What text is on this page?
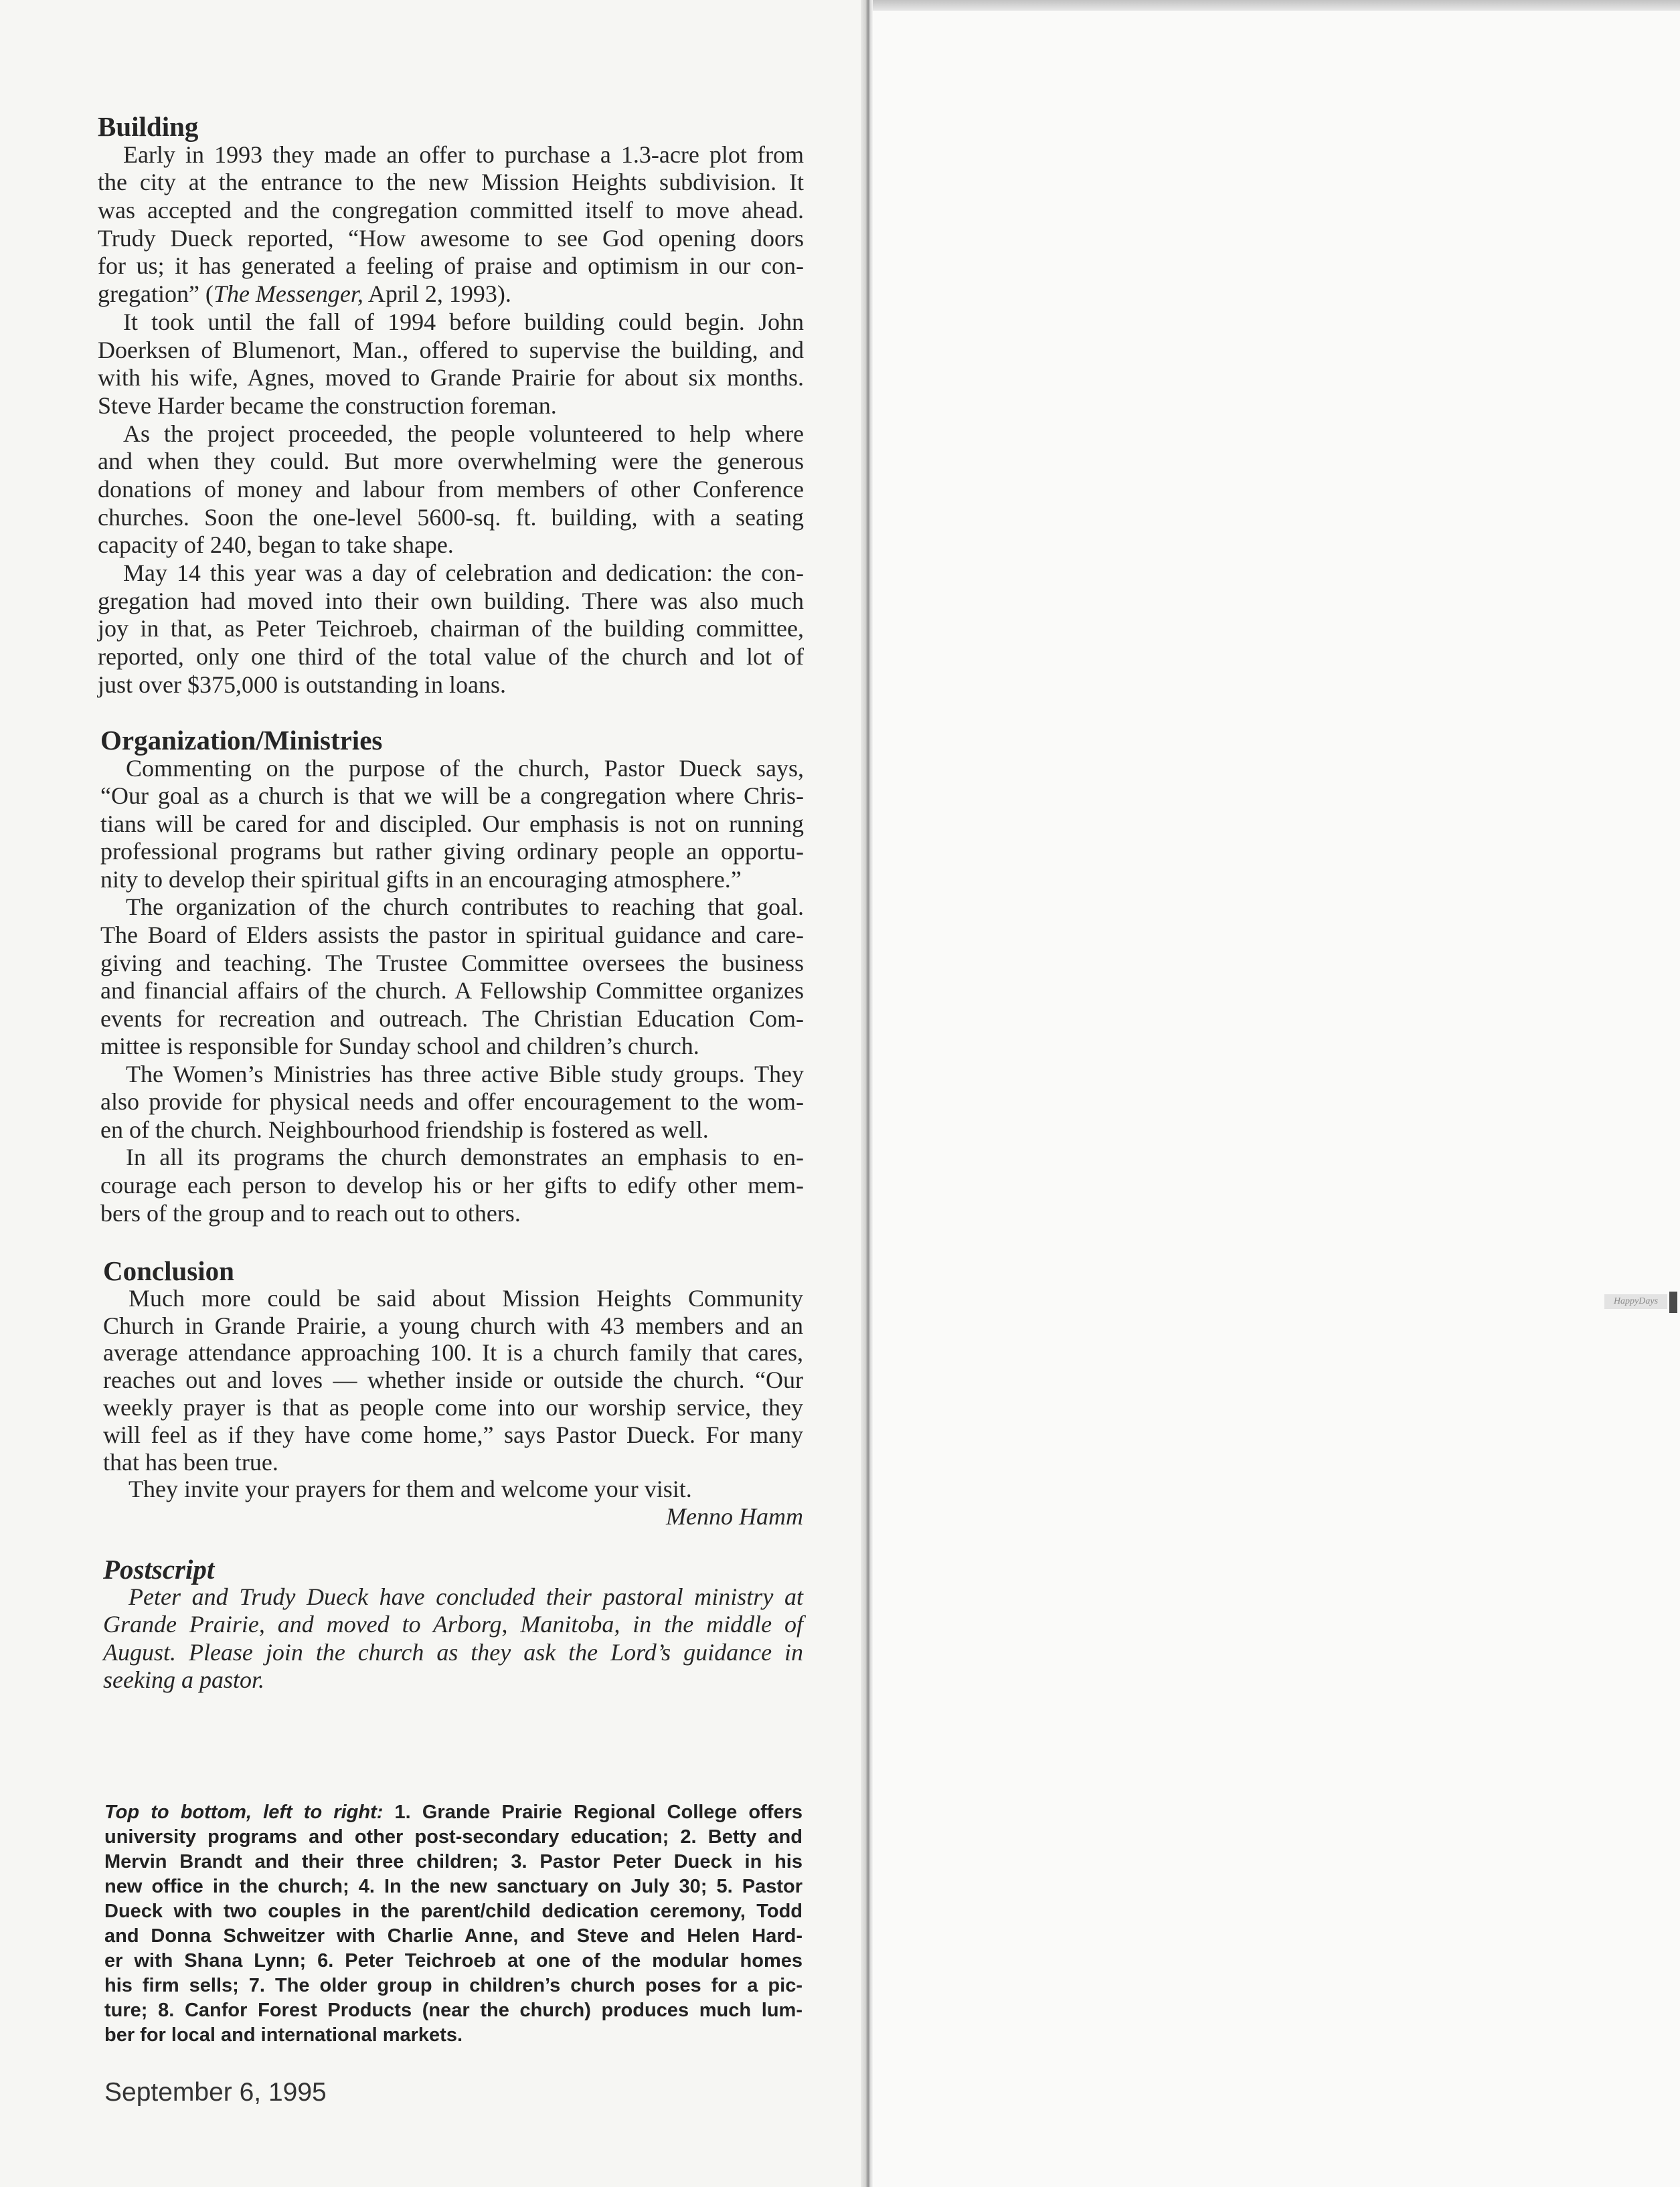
Building
Early in 1993 they made an offer to purchase a 1.3-acre plot from
the city at the entrance to the new Mission Heights subdivision. It
was accepted and the congregation committed itself to move ahead.
Trudy Dueck reported, “How awesome to see God opening doors
for us; it has generated a feeling of praise and optimism in our con-
gregation” (The Messenger, April 2, 1993).
It took until the fall of 1994 before building could begin. John
Doerksen of Blumenort, Man., offered to supervise the building, and
with his wife, Agnes, moved to Grande Prairie for about six months.
Steve Harder became the construction foreman.
As the project proceeded, the people volunteered to help where
and when they could. But more overwhelming were the generous
donations of money and labour from members of other Conference
churches. Soon the one-level 5600-sq. ft. building, with a seating
capacity of 240, began to take shape.
May 14 this year was a day of celebration and dedication: the con-
gregation had moved into their own building. There was also much
joy in that, as Peter Teichroeb, chairman of the building committee,
reported, only one third of the total value of the church and lot of
just over $375,000 is outstanding in loans.
Organization/Ministries
Commenting on the purpose of the church, Pastor Dueck says,
“Our goal as a church is that we will be a congregation where Chris-
tians will be cared for and discipled. Our emphasis is not on running
professional programs but rather giving ordinary people an opportu-
nity to develop their spiritual gifts in an encouraging atmosphere.”
The organization of the church contributes to reaching that goal.
The Board of Elders assists the pastor in spiritual guidance and care-
giving and teaching. The Trustee Committee oversees the business
and financial affairs of the church. A Fellowship Committee organizes
events for recreation and outreach. The Christian Education Com-
mittee is responsible for Sunday school and children’s church.
The Women’s Ministries has three active Bible study groups. They
also provide for physical needs and offer encouragement to the wom-
en of the church. Neighbourhood friendship is fostered as well.
In all its programs the church demonstrates an emphasis to en-
courage each person to develop his or her gifts to edify other mem-
bers of the group and to reach out to others.
Conclusion
Much more could be said about Mission Heights Community
Church in Grande Prairie, a young church with 43 members and an
average attendance approaching 100. It is a church family that cares,
reaches out and loves — whether inside or outside the church. “Our
weekly prayer is that as people come into our worship service, they
will feel as if they have come home,” says Pastor Dueck. For many
that has been true.
They invite your prayers for them and welcome your visit.
Menno Hamm
Postscript
Peter and Trudy Dueck have concluded their pastoral ministry at
Grande Prairie, and moved to Arborg, Manitoba, in the middle of
August. Please join the church as they ask the Lord’s guidance in
seeking a pastor.
Top to bottom, left to right: 1. Grande Prairie Regional College offers
university programs and other post-secondary education; 2. Betty and
Mervin Brandt and their three children; 3. Pastor Peter Dueck in his
new office in the church; 4. In the new sanctuary on July 30; 5. Pastor
Dueck with two couples in the parent/child dedication ceremony, Todd
and Donna Schweitzer with Charlie Anne, and Steve and Helen Hard-
er with Shana Lynn; 6. Peter Teichroeb at one of the modular homes
his firm sells; 7. The older group in children’s church poses for a pic-
ture; 8. Canfor Forest Products (near the church) produces much lum-
ber for local and international markets.
September 6, 1995
HappyDays
